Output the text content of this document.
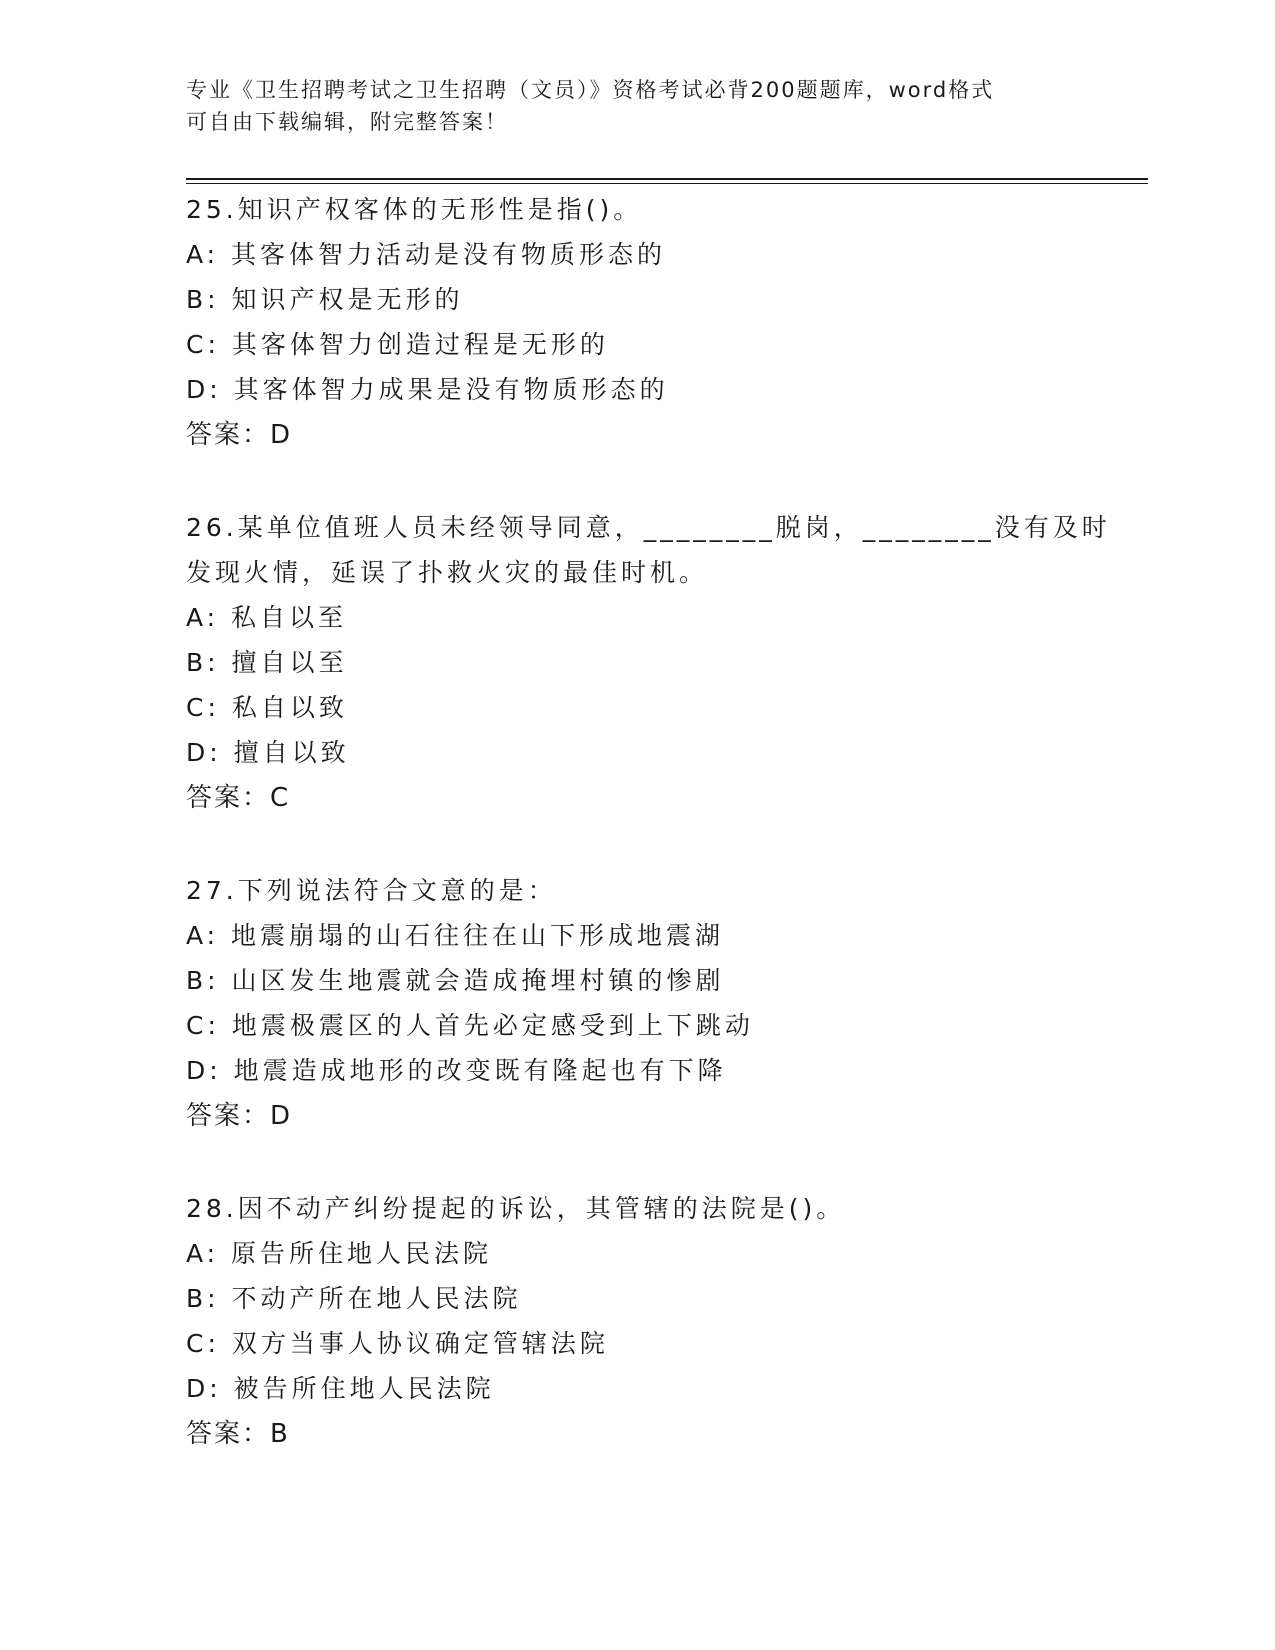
专业《卫生招聘考试之卫生招聘（文员）》资格考试必背200题题库，word格式
可自由下载编辑，附完整答案！
25.知识产权客体的无形性是指()。
A: 其客体智力活动是没有物质形态的
B: 知识产权是无形的
C: 其客体智力创造过程是无形的
D: 其客体智力成果是没有物质形态的
答案：D
26.某单位值班人员未经领导同意，________脱岗，________没有及时
发现火情，延误了扑救火灾的最佳时机。
A: 私自以至
B: 擅自以至
C: 私自以致
D: 擅自以致
答案：C
27.下列说法符合文意的是：
A: 地震崩塌的山石往往在山下形成地震湖
B: 山区发生地震就会造成掩埋村镇的惨剧
C: 地震极震区的人首先必定感受到上下跳动
D: 地震造成地形的改变既有隆起也有下降
答案：D
28.因不动产纠纷提起的诉讼，其管辖的法院是()。
A: 原告所住地人民法院
B: 不动产所在地人民法院
C: 双方当事人协议确定管辖法院
D: 被告所住地人民法院
答案：B
